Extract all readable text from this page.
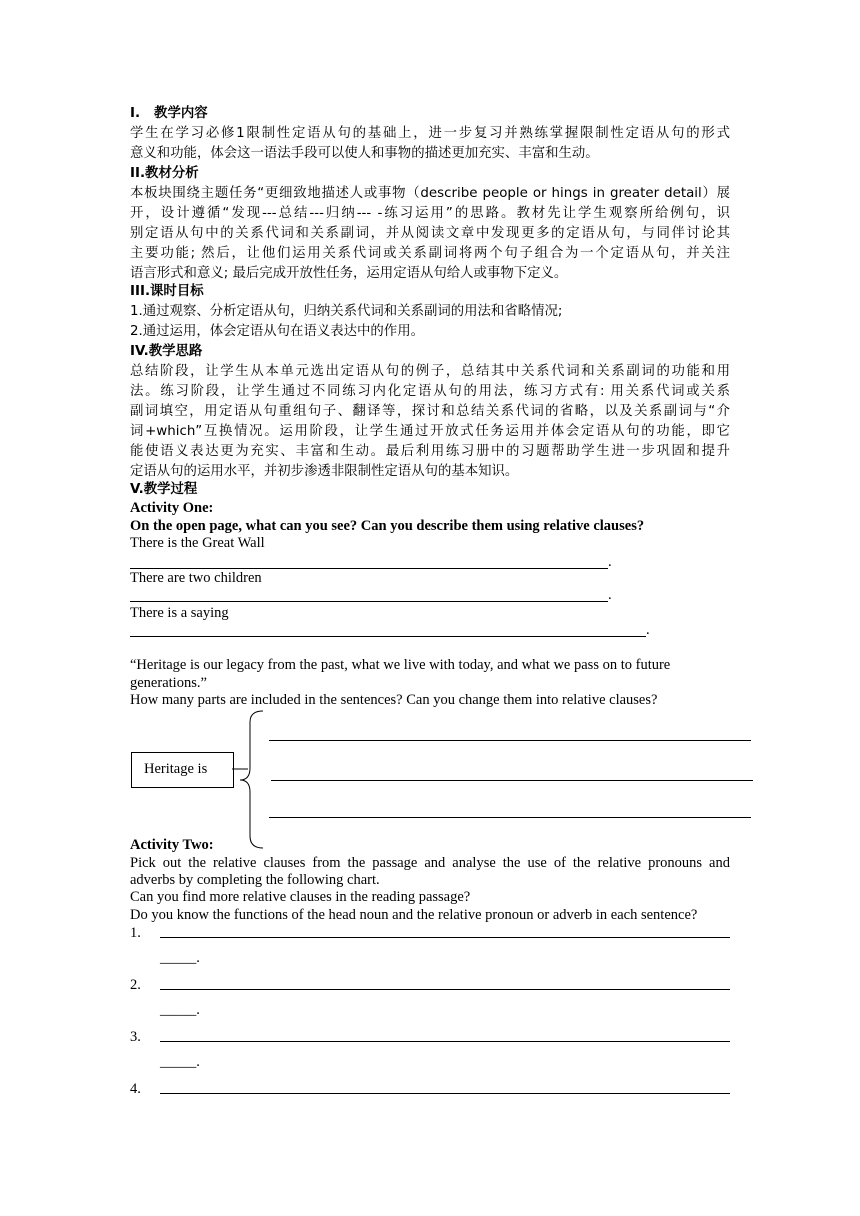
I.   教学内容
学生在学习必修1限制性定语从句的基础上，进一步复习并熟练掌握限制性定语从句的形式
意义和功能，体会这一语法手段可以使人和事物的描述更加充实、丰富和生动。
II.教材分析
本板块围绕主题任务“更细致地描述人或事物（describe people or hings in greater detail）展
开，设计遵循“发现---总结---归纳--- -练习运用”的思路。教材先让学生观察所给例句，识
别定语从句中的关系代词和关系副词，并从阅读文章中发现更多的定语从句，与同伴讨论其
主要功能; 然后，让他们运用关系代词或关系副词将两个句子组合为一个定语从句，并关注
语言形式和意义; 最后完成开放性任务，运用定语从句给人或事物下定义。
III.课时目标
1.通过观察、分析定语从句，归纳关系代词和关系副词的用法和省略情况;
2.通过运用，体会定语从句在语义表达中的作用。
IV.教学思路
总结阶段，让学生从本单元选出定语从句的例子，总结其中关系代词和关系副词的功能和用
法。练习阶段，让学生通过不同练习内化定语从句的用法，练习方式有: 用关系代词或关系
副词填空，用定语从句重组句子、翻译等，探讨和总结关系代词的省略，以及关系副词与“介
词+which”互换情况。运用阶段，让学生通过开放式任务运用并体会定语从句的功能，即它
能使语义表达更为充实、丰富和生动。最后利用练习册中的习题帮助学生进一步巩固和提升
定语从句的运用水平，并初步渗透非限制性定语从句的基本知识。
V.教学过程
Activity One:
On the open page, what can you see? Can you describe them using relative clauses?
There is the Great Wall
.
There are two children
.
There is a saying
.
“Heritage is our legacy from the past, what we live with today, and what we pass on to future
generations.”
How many parts are included in the sentences? Can you change them into relative clauses?
Heritage is
Activity Two:
Pick out the relative clauses from the passage and analyse the use of the relative pronouns and
adverbs by completing the following chart.
Can you find more relative clauses in the reading passage?
Do you know the functions of the head noun and the relative pronoun or adverb in each sentence?
1.
_____.
2.
_____.
3.
_____.
4.
